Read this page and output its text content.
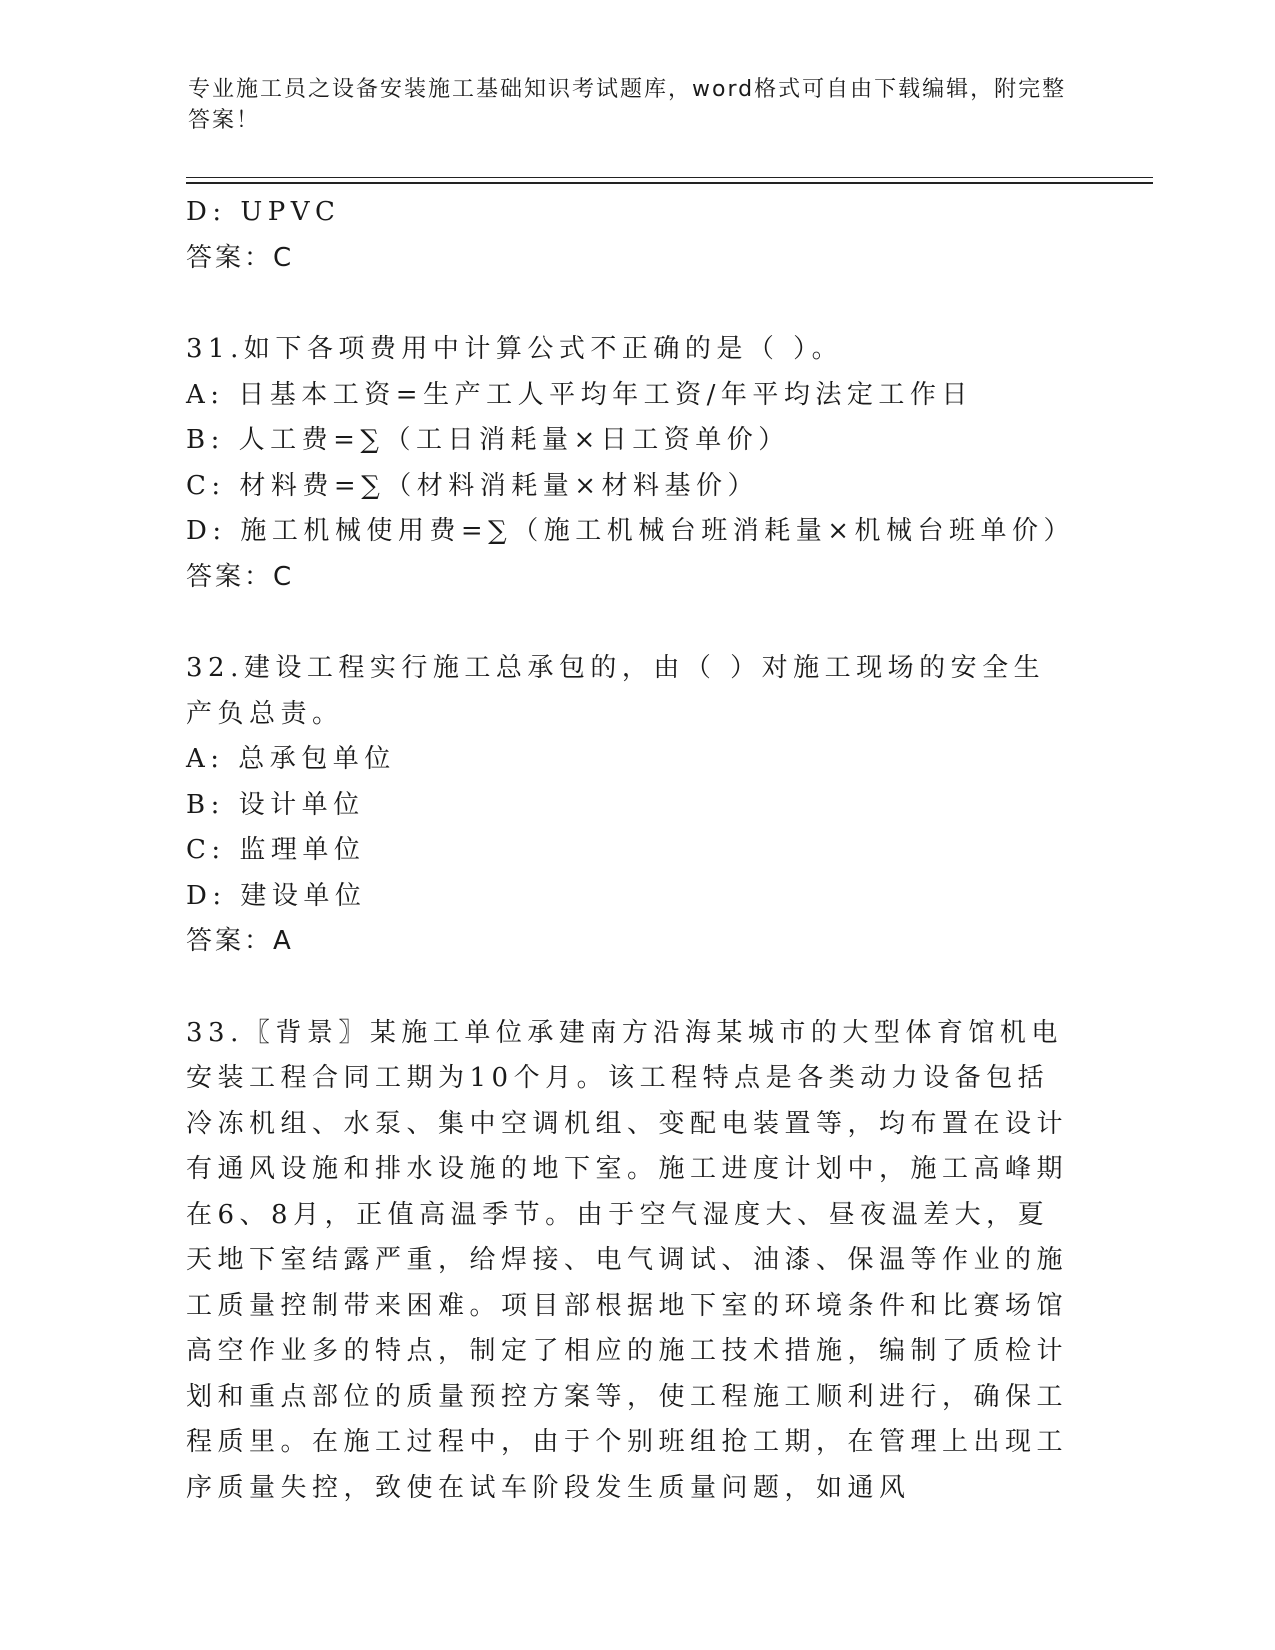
专业施工员之设备安装施工基础知识考试题库，word格式可自由下载编辑，附完整答案！
D: UPVC
答案：C
31.如下各项费用中计算公式不正确的是（ ）。
A: 日基本工资=生产工人平均年工资/年平均法定工作日
B: 人工费=∑（工日消耗量×日工资单价）
C: 材料费=∑（材料消耗量×材料基价）
D: 施工机械使用费=∑（施工机械台班消耗量×机械台班单价）
答案：C
32.建设工程实行施工总承包的，由（ ）对施工现场的安全生产负总责。
A: 总承包单位
B: 设计单位
C: 监理单位
D: 建设单位
答案：A
33.〖背景〗某施工单位承建南方沿海某城市的大型体育馆机电安装工程合同工期为10个月。该工程特点是各类动力设备包括冷冻机组、水泵、集中空调机组、变配电装置等，均布置在设计有通风设施和排水设施的地下室。施工进度计划中，施工高峰期在6、8月，正值高温季节。由于空气湿度大、昼夜温差大，夏天地下室结露严重，给焊接、电气调试、油漆、保温等作业的施工质量控制带来困难。项目部根据地下室的环境条件和比赛场馆高空作业多的特点，制定了相应的施工技术措施，编制了质检计划和重点部位的质量预控方案等，使工程施工顺利进行，确保工程质里。在施工过程中，由于个别班组抢工期，在管理上出现工序质量失控，致使在试车阶段发生质量问题，如通风
